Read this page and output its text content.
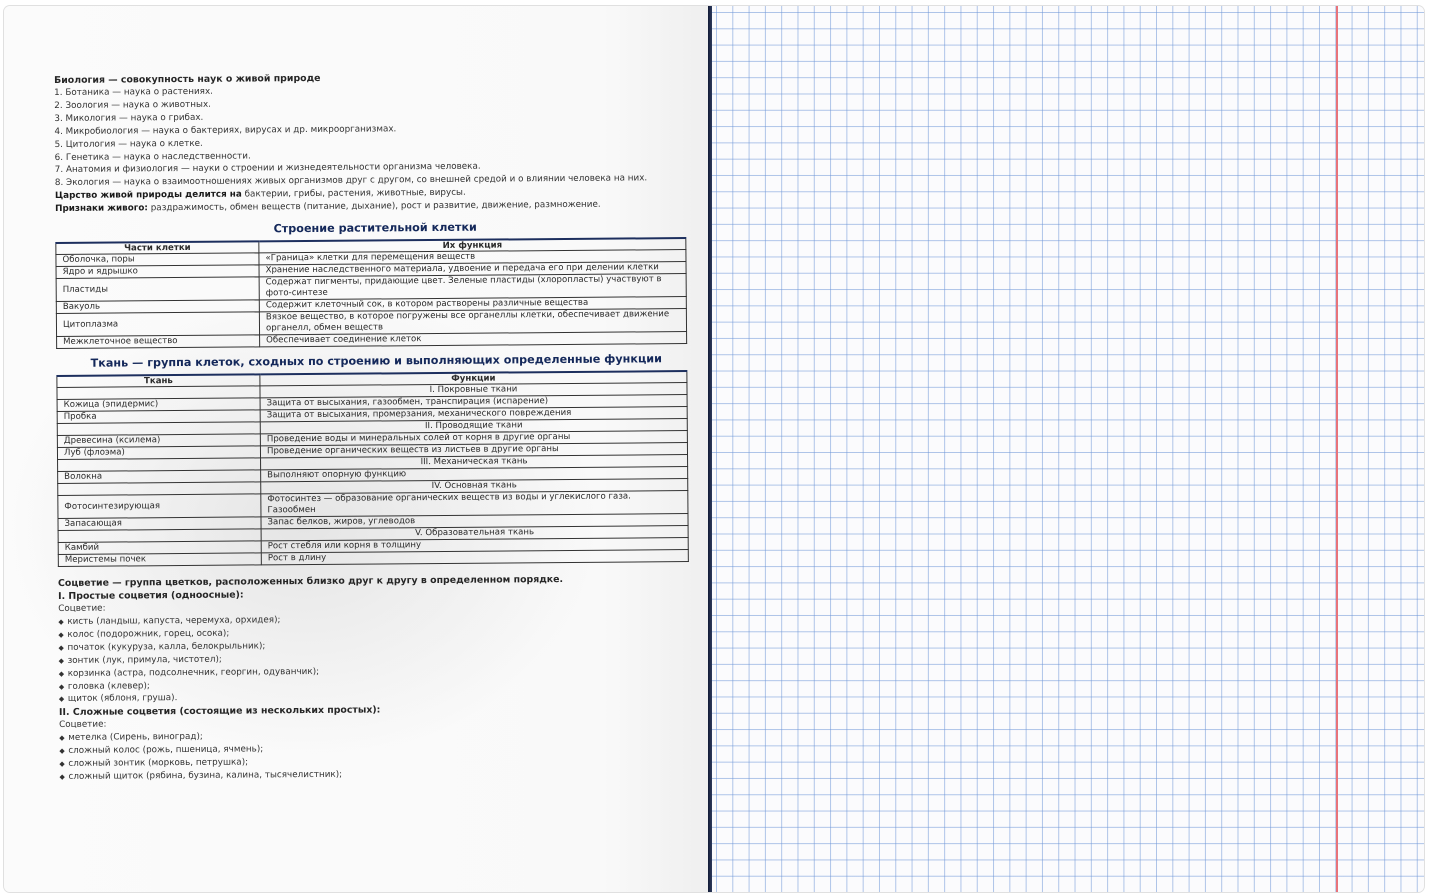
Биология — совокупность наук о живой природе
1. Ботаника — наука о растениях.
2. Зоология — наука о животных.
3. Микология — наука о грибах.
4. Микробиология — наука о бактериях, вирусах и др. микроорганизмах.
5. Цитология — наука о клетке.
6. Генетика — наука о наследственности.
7. Анатомия и физиология — науки о строении и жизнедеятельности организма человека.
8. Экология — наука о взаимоотношениях живых организмов друг с другом, со внешней средой и о влиянии человека на них.
Царство живой природы делится на бактерии, грибы, растения, животные, вирусы.
Признаки живого: раздражимость, обмен веществ (питание, дыхание), рост и развитие, движение, размножение.
Строение растительной клетки
Части клетки	Их функция
Оболочка, поры	«Граница» клетки для перемещения веществ
Ядро и ядрышко	Хранение наследственного материала, удвоение и передача его при делении клетки
Пластиды	Содержат пигменты, придающие цвет. Зеленые пластиды (хлоропласты) участвуют в фото-синтезе
Вакуоль	Содержит клеточный сок, в котором растворены различные вещества
Цитоплазма	Вязкое вещество, в которое погружены все органеллы клетки, обеспечивает движение органелл, обмен веществ
Межклеточное вещество	Обеспечивает соединение клеток
Ткань — группа клеток, сходных по строению и выполняющих определенные функции
Ткань	Функции
	I. Покровные ткани
Кожица (эпидермис)	Защита от высыхания, газообмен, транспирация (испарение)
Пробка	Защита от высыхания, промерзания, механического повреждения
	II. Проводящие ткани
Древесина (ксилема)	Проведение воды и минеральных солей от корня в другие органы
Луб (флоэма)	Проведение органических веществ из листьев в другие органы
	III. Механическая ткань
Волокна	Выполняют опорную функцию
	IV. Основная ткань
Фотосинтезирующая	Фотосинтез — образование органических веществ из воды и углекислого газа. Газообмен
Запасающая	Запас белков, жиров, углеводов
	V. Образовательная ткань
Камбий	Рост стебля или корня в толщину
Меристемы почек	Рост в длину
Соцветие — группа цветков, расположенных близко друг к другу в определенном порядке.
I. Простые соцветия (одноосные):
Соцветие:
◆ кисть (ландыш, капуста, черемуха, орхидея);
◆ колос (подорожник, горец, осока);
◆ початок (кукуруза, калла, белокрыльник);
◆ зонтик (лук, примула, чистотел);
◆ корзинка (астра, подсолнечник, георгин, одуванчик);
◆ головка (клевер);
◆ щиток (яблоня, груша).
II. Сложные соцветия (состоящие из нескольких простых):
Соцветие:
◆ метелка (Сирень, виноград);
◆ сложный колос (рожь, пшеница, ячмень);
◆ сложный зонтик (морковь, петрушка);
◆ сложный щиток (рябина, бузина, калина, тысячелистник);
